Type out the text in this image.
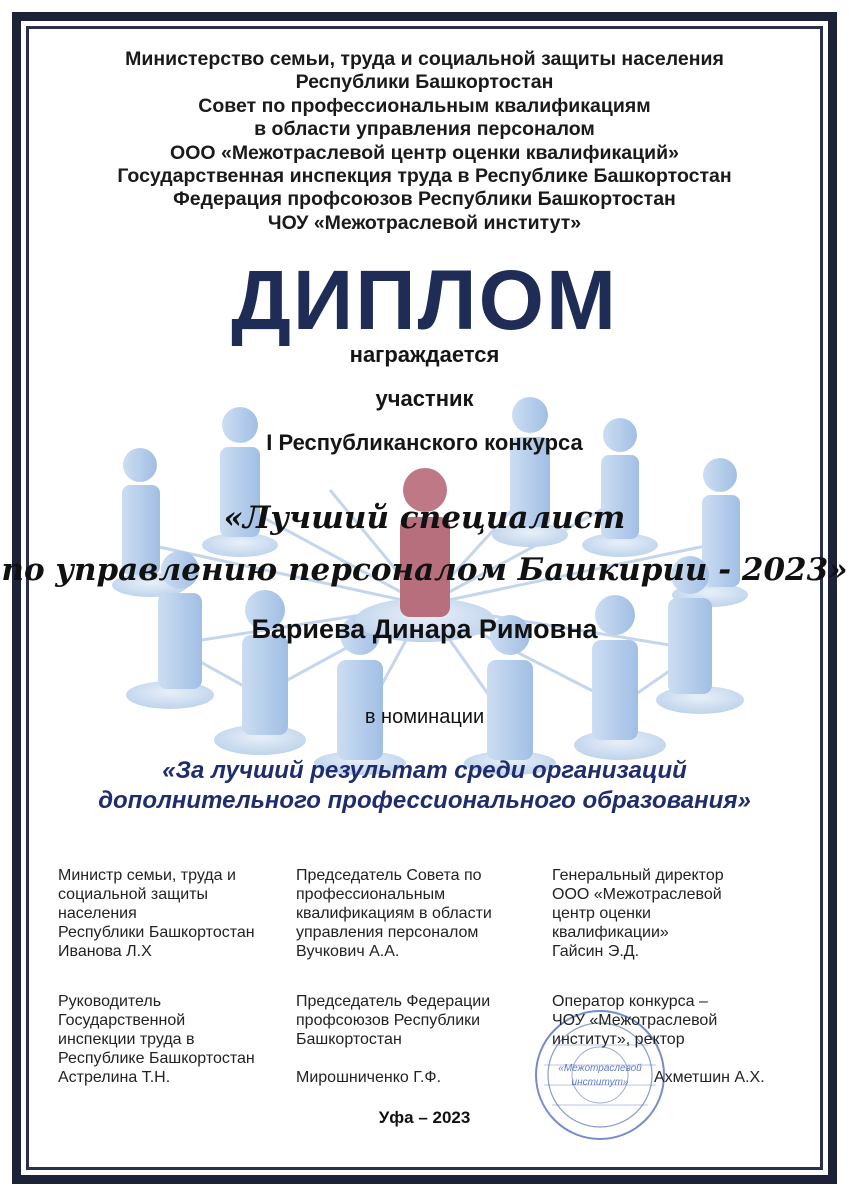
Министерство семьи, труда и социальной защиты населения
Республики Башкортостан
Совет по профессиональным квалификациям
в области управления персоналом
ООО «Межотраслевой центр оценки квалификаций»
Государственная инспекция труда в Республике Башкортостан
Федерация профсоюзов Республики Башкортостан
ЧОУ «Межотраслевой институт»
ДИПЛОМ
награждается
участник
I Республиканского конкурса
«Лучший специалист
по управлению персоналом Башкирии - 2023»
Бариева Динара Римовна
в номинации
«За лучший результат среди организаций
дополнительного профессионального образования»
Министр семьи, труда и
социальной защиты
населения
Республики Башкортостан
Иванова Л.Х
Председатель Совета по
профессиональным
квалификациям в области
управления персоналом
Вучкович А.А.
Генеральный директор
ООО «Межотраслевой
центр оценки
квалификации»
Гайсин Э.Д.
Руководитель
Государственной
инспекции труда в
Республике Башкортостан
Астрелина Т.Н.
Председатель Федерации
профсоюзов Республики
Башкортостан
Мирошниченко Г.Ф.
«Межотраслевой
институт»
Оператор конкурса –
ЧОУ «Межотраслевой
институт», ректор
Ахметшин А.Х.
Уфа – 2023
